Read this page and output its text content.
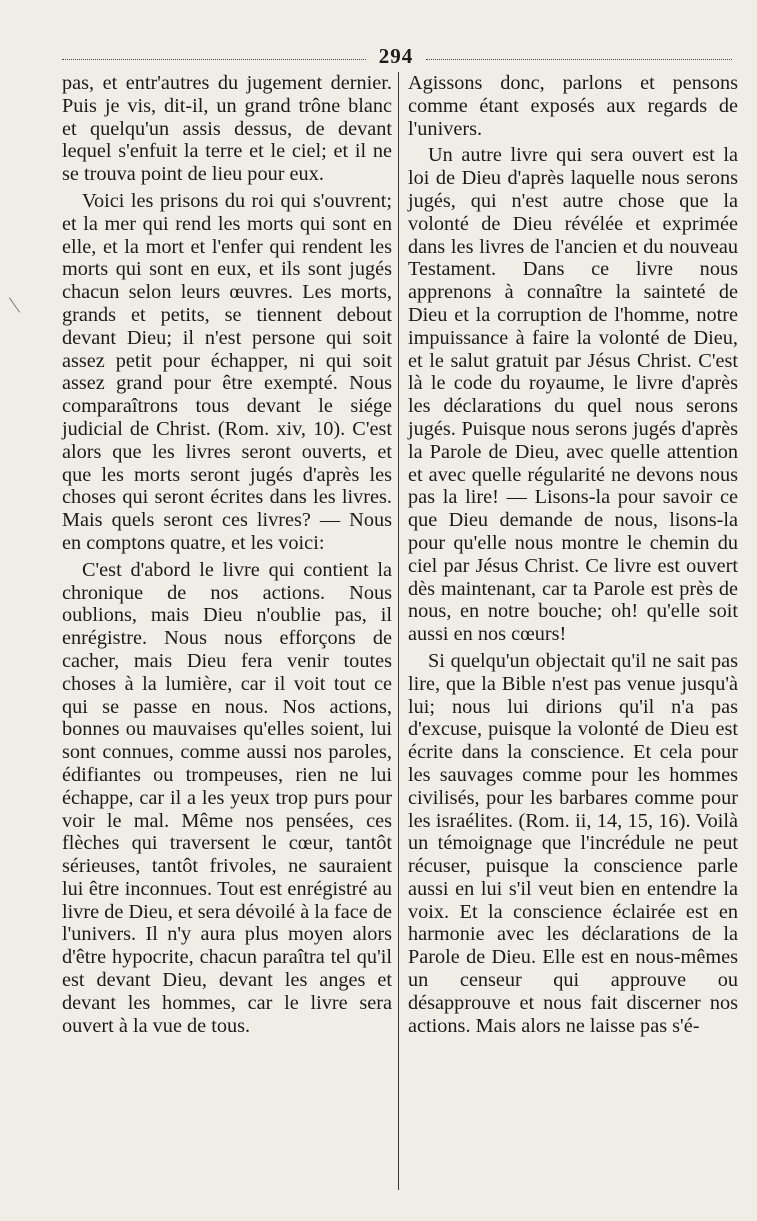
294

pas, et entr'autres du jugement dernier. Puis je vis, dit-il, un grand trône blanc et quelqu'un assis dessus, de devant lequel s'enfuit la terre et le ciel; et il ne se trouva point de lieu pour eux.

Voici les prisons du roi qui s'ouvrent; et la mer qui rend les morts qui sont en elle, et la mort et l'enfer qui rendent les morts qui sont en eux, et ils sont jugés chacun selon leurs œuvres. Les morts, grands et petits, se tiennent debout devant Dieu; il n'est persone qui soit assez petit pour échapper, ni qui soit assez grand pour être exempté. Nous comparaîtrons tous devant le siége judicial de Christ. (Rom. xiv, 10). C'est alors que les livres seront ouverts, et que les morts seront jugés d'après les choses qui seront écrites dans les livres. Mais quels seront ces livres? — Nous en comptons quatre, et les voici:

C'est d'abord le livre qui contient la chronique de nos actions. Nous oublions, mais Dieu n'oublie pas, il enrégistre. Nous nous efforçons de cacher, mais Dieu fera venir toutes choses à la lumière, car il voit tout ce qui se passe en nous. Nos actions, bonnes ou mauvaises qu'elles soient, lui sont connues, comme aussi nos paroles, édifiantes ou trompeuses, rien ne lui échappe, car il a les yeux trop purs pour voir le mal. Même nos pensées, ces flèches qui traversent le cœur, tantôt sérieuses, tantôt frivoles, ne sauraient lui être inconnues. Tout est enrégistré au livre de Dieu, et sera dévoilé à la face de l'univers. Il n'y aura plus moyen alors d'être hypocrite, chacun paraîtra tel qu'il est devant Dieu, devant les anges et devant les hommes, car le livre sera ouvert à la vue de tous.

Agissons donc, parlons et pensons comme étant exposés aux regards de l'univers.

Un autre livre qui sera ouvert est la loi de Dieu d'après laquelle nous serons jugés, qui n'est autre chose que la volonté de Dieu révélée et exprimée dans les livres de l'ancien et du nouveau Testament. Dans ce livre nous apprenons à connaître la sainteté de Dieu et la corruption de l'homme, notre impuissance à faire la volonté de Dieu, et le salut gratuit par Jésus Christ. C'est là le code du royaume, le livre d'après les déclarations du quel nous serons jugés. Puisque nous serons jugés d'après la Parole de Dieu, avec quelle attention et avec quelle régularité ne devons nous pas la lire! — Lisons-la pour savoir ce que Dieu demande de nous, lisons-la pour qu'elle nous montre le chemin du ciel par Jésus Christ. Ce livre est ouvert dès maintenant, car ta Parole est près de nous, en notre bouche; oh! qu'elle soit aussi en nos cœurs!

Si quelqu'un objectait qu'il ne sait pas lire, que la Bible n'est pas venue jusqu'à lui; nous lui dirions qu'il n'a pas d'excuse, puisque la volonté de Dieu est écrite dans la conscience. Et cela pour les sauvages comme pour les hommes civilisés, pour les barbares comme pour les israélites. (Rom. ii, 14, 15, 16). Voilà un témoignage que l'incrédule ne peut récuser, puisque la conscience parle aussi en lui s'il veut bien en entendre la voix. Et la conscience éclairée est en harmonie avec les déclarations de la Parole de Dieu. Elle est en nous-mêmes un censeur qui approuve ou désapprouve et nous fait discerner nos actions. Mais alors ne laisse pas s'é-
